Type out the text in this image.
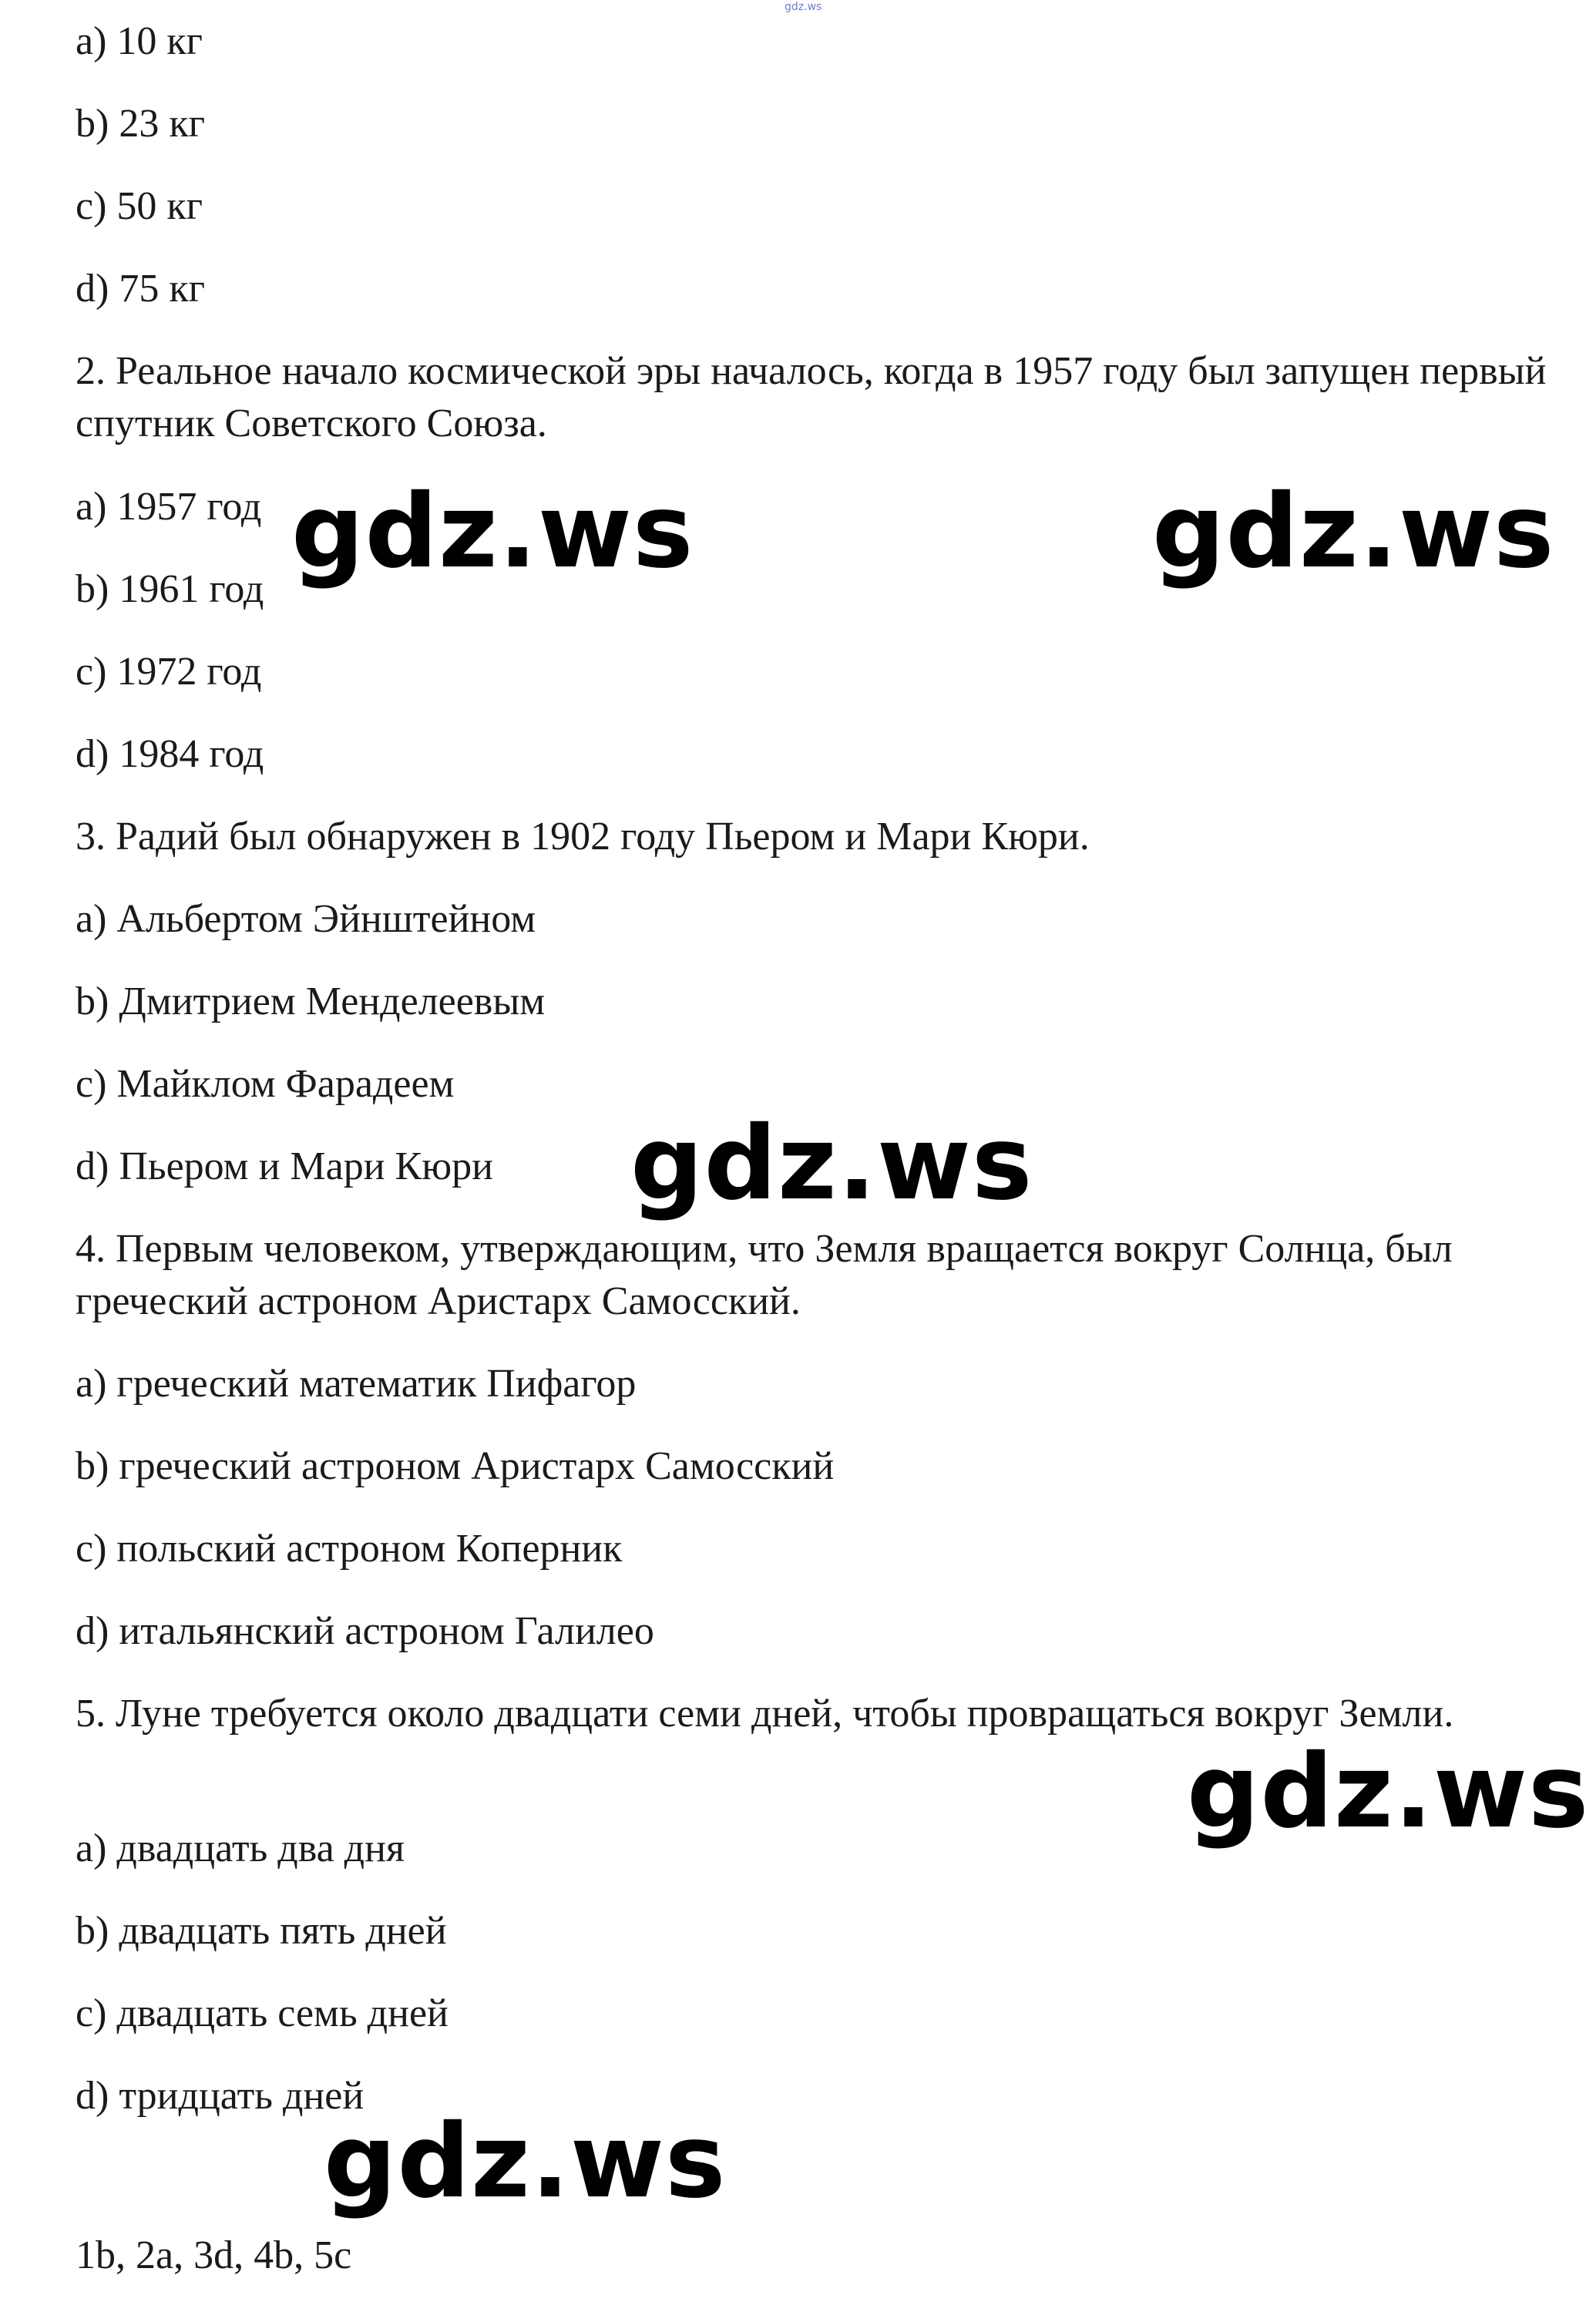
gdz.ws
a) 10 кг
b) 23 кг
c) 50 кг
d) 75 кг
2. Реальное начало космической эры началось, когда в 1957 году был запущен первый спутник Советского Союза.
a) 1957 год
b) 1961 год
c) 1972 год
d) 1984 год
3. Радий был обнаружен в 1902 году Пьером и Мари Кюри.
a) Альбертом Эйнштейном
b) Дмитрием Менделеевым
c) Майклом Фарадеем
d) Пьером и Мари Кюри
4. Первым человеком, утверждающим, что Земля вращается вокруг Солнца, был греческий астроном Аристарх Самосский.
a) греческий математик Пифагор
b) греческий астроном Аристарх Самосский
c) польский астроном Коперник
d) итальянский астроном Галилео
5. Луне требуется около двадцати семи дней, чтобы провращаться вокруг Земли.
a) двадцать два дня
b) двадцать пять дней
c) двадцать семь дней
d) тридцать дней
1b, 2a, 3d, 4b, 5c
gdz.ws	gdz.ws
gdz.ws
gdz.ws
gdz.ws
